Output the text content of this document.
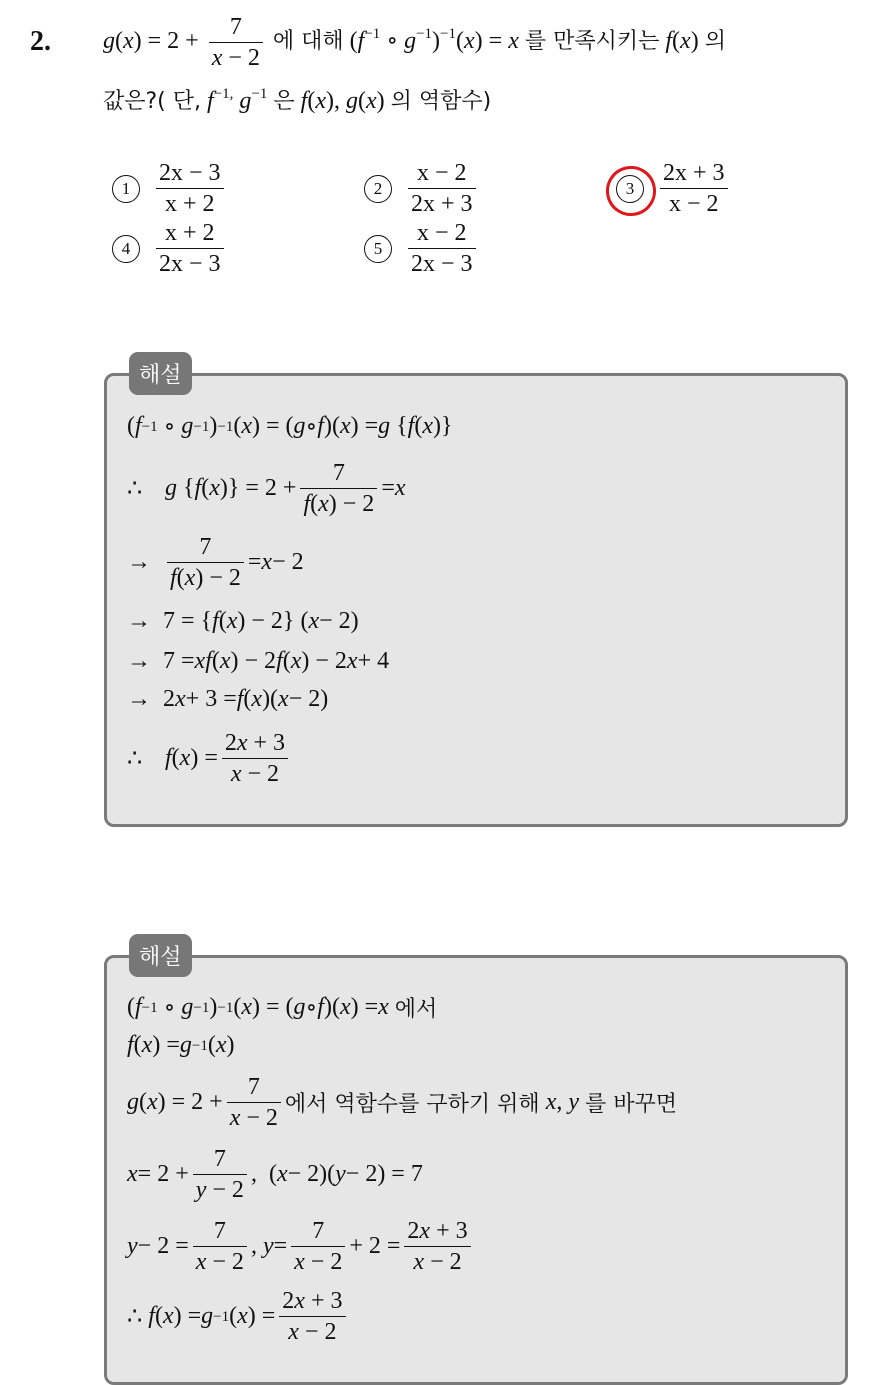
2. $g(x) = 2 + \frac{7}{x - 2}$ 에 대해 ($f^{-1}$ ∘ $g^{-1})^{-1}(x) = x$ 를 만족시키는 f(x) 의
값은?( 단, $f^{-1,}$ $g^{-1}$ 은 f(x), g(x) 의 역함수)
1	$\frac{2x - 3}{x + 2}$	2	$\frac{x - 2}{2x + 3}$	3	$\frac{2x + 3}{x - 2}$
4	$\frac{x + 2}{2x - 3}$	5	$\frac{x - 2}{2x - 3}$
( f −1 ∘ g −1 ) −1 ( x ) = ( g ∘ f )( x ) = g { f ( x )}
∴
g { f ( x )} = $2 + \frac{7}{f(x) - 2} = x$
→ $\frac{7}{f(x) - 2} = x - 2$
→ 7 = { f ( x ) − 2} ( x − 2)
→ 7 = xf ( x ) − 2 f ( x ) − 2 x + 4
→ 2 x + 3 = f ( x )( x − 2)
∴
f ( x ) = $\frac{2x + 3}{x - 2}$
해설
( f −1 ∘ g −1 ) −1 ( x ) = ( g ∘ f )( x ) = x
에서
f ( x ) = g −1 ( x )
g ( x ) = $2 + \frac{7}{x - 2}$ 에서 역함수를 구하기 위해
x , y
를 바꾸면
$x = 2 + \frac{7}{y - 2}$ ,  ( x − 2)( y − 2) = 7
$y - 2 = \frac{7}{x - 2}$ , $y = \frac{7}{x - 2} + 2 = \frac{2x + 3}{x - 2}$
∴ f ( x ) = g −1 ( x ) = $\frac{2x + 3}{x - 2}$
해설
